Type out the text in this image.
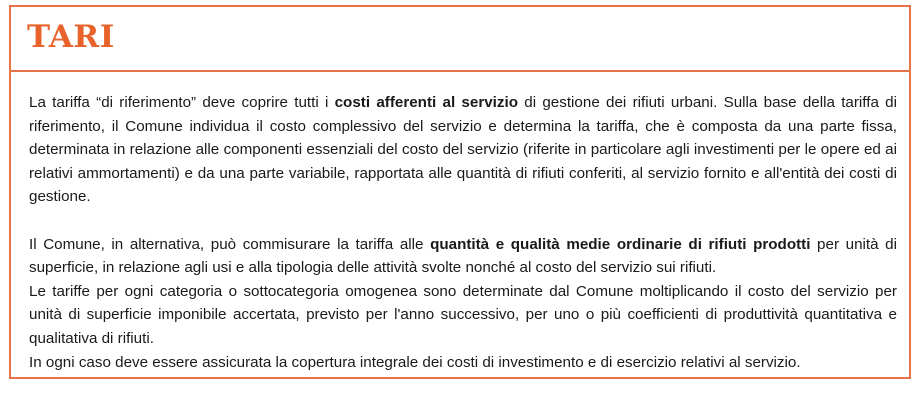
TARI

La tariffa “di riferimento” deve coprire tutti i costi afferenti al servizio di gestione dei rifiuti urbani. Sulla base della tariffa di riferimento, il Comune individua il costo complessivo del servizio e determina la tariffa, che è composta da una parte fissa, determinata in relazione alle componenti essenziali del costo del servizio (riferite in particolare agli investimenti per le opere ed ai relativi ammortamenti) e da una parte variabile, rapportata alle quantità di rifiuti conferiti, al servizio fornito e all'entità dei costi di gestione.

Il Comune, in alternativa, può commisurare la tariffa alle quantità e qualità medie ordinarie di rifiuti prodotti per unità di superficie, in relazione agli usi e alla tipologia delle attività svolte nonché al costo del servizio sui rifiuti.

Le tariffe per ogni categoria o sottocategoria omogenea sono determinate dal Comune moltiplicando il costo del servizio per unità di superficie imponibile accertata, previsto per l'anno successivo, per uno o più coefficienti di produttività quantitativa e qualitativa di rifiuti.

In ogni caso deve essere assicurata la copertura integrale dei costi di investimento e di esercizio relativi al servizio.
